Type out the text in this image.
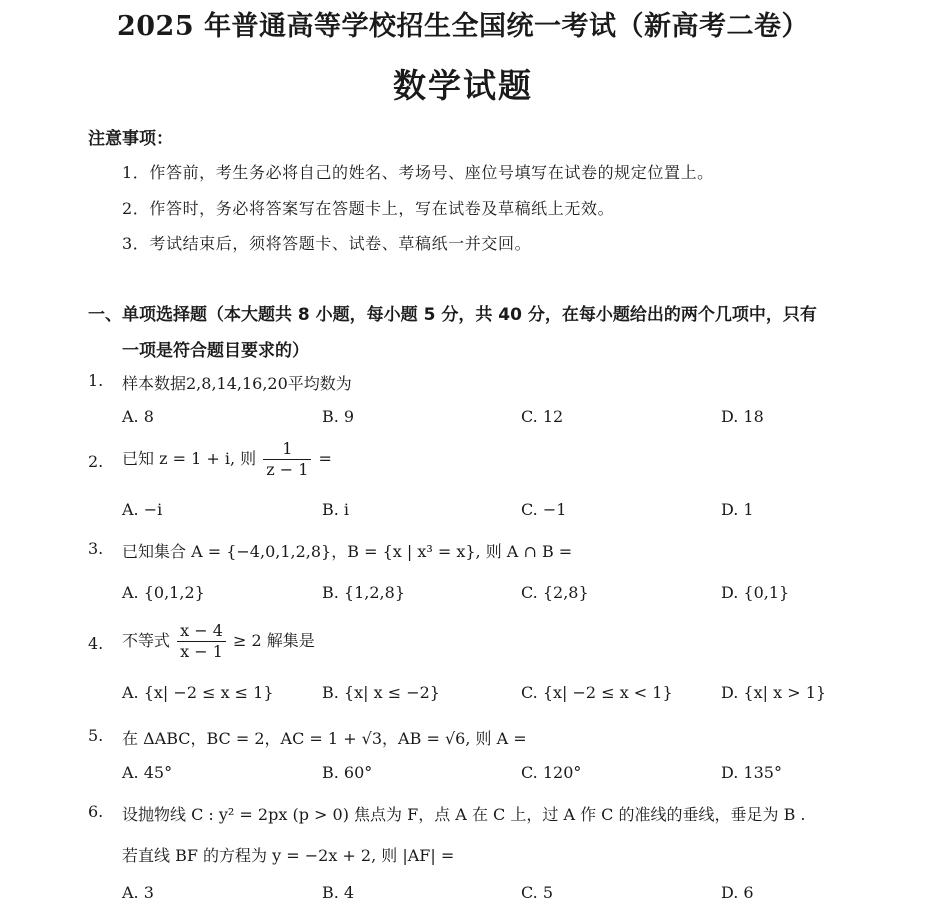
2025 年普通高等学校招生全国统一考试（新高考二卷）
数学试题
注意事项：
1．作答前，考生务必将自己的姓名、考场号、座位号填写在试卷的规定位置上。
2．作答时，务必将答案写在答题卡上，写在试卷及草稿纸上无效。
3．考试结束后，须将答题卡、试卷、草稿纸一并交回。
一、单项选择题（本大题共 8 小题，每小题 5 分，共 40 分，在每小题给出的两个几项中，只有
一项是符合题目要求的）
1. 样本数据2,8,14,16,20平均数为
A. 8	B. 9	C. 12	D. 18
2. 已知 z = 1 + i, 则 $\frac{1}{z - 1}$ =
A. −i	B. i	C. −1	D. 1
3. 已知集合 A = {−4,0,1,2,8}，B = {x | x³ = x}, 则 A ∩ B =
A. {0,1,2}	B. {1,2,8}	C. {2,8}	D. {0,1}
4. 不等式 $\frac{x - 4}{x - 1} \ge 2$ 解集是
A. {x| −2 ≤ x ≤ 1}	B. {x| x ≤ −2}	C. {x| −2 ≤ x < 1}	D. {x| x > 1}
5. 在 ΔABC，BC = 2，AC = 1 + √3，AB = √6, 则 A =
A. 45°	B. 60°	C. 120°	D. 135°
6. 设抛物线 C : y² = 2px (p > 0) 焦点为 F，点 A 在 C 上，过 A 作 C 的准线的垂线，垂足为 B .
若直线 BF 的方程为 y = −2x + 2, 则 |AF| =
A. 3	B. 4	C. 5	D. 6
